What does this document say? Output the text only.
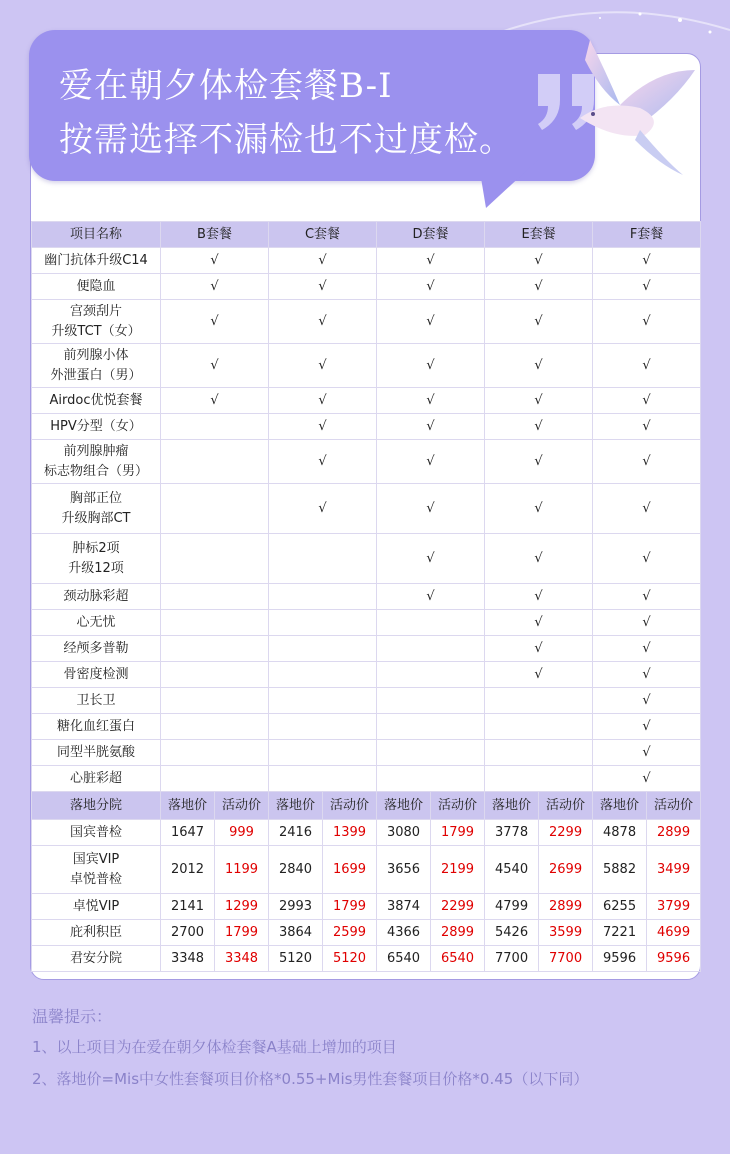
爱在朝夕体检套餐B-I
按需选择不漏检也不过度检。
项目名称	B套餐		C套餐		D套餐		E套餐		F套餐	
幽门抗体升级C14	√		√		√		√		√	
便隐血	√		√		√		√		√	
宫颈刮片
升级TCT（女）	√		√		√		√		√	
前列腺小体
外泄蛋白（男）	√		√		√		√		√	
Airdoc优悦套餐	√		√		√		√		√	
HPV分型（女）			√		√		√		√	
前列腺肿瘤
标志物组合（男）			√		√		√		√	
胸部正位
升级胸部CT			√		√		√		√	
肿标2项
升级12项					√		√		√	
颈动脉彩超					√		√		√	
心无忧							√		√	
经颅多普勒							√		√	
骨密度检测							√		√	
卫长卫									√	
糖化血红蛋白									√	
同型半胱氨酸									√	
心脏彩超									√	
落地分院	落地价	活动价	落地价	活动价	落地价	活动价	落地价	活动价	落地价	活动价
国宾普检	1647	999	2416	1399	3080	1799	3778	2299	4878	2899
国宾VIP
卓悦普检	2012	1199	2840	1699	3656	2199	4540	2699	5882	3499
卓悦VIP	2141	1299	2993	1799	3874	2299	4799	2899	6255	3799
庇利积臣	2700	1799	3864	2599	4366	2899	5426	3599	7221	4699
君安分院	3348	3348	5120	5120	6540	6540	7700	7700	9596	9596
温馨提示：
1、以上项目为在爱在朝夕体检套餐A基础上增加的项目
2、落地价=Mis中女性套餐项目价格*0.55+Mis男性套餐项目价格*0.45（以下同）
